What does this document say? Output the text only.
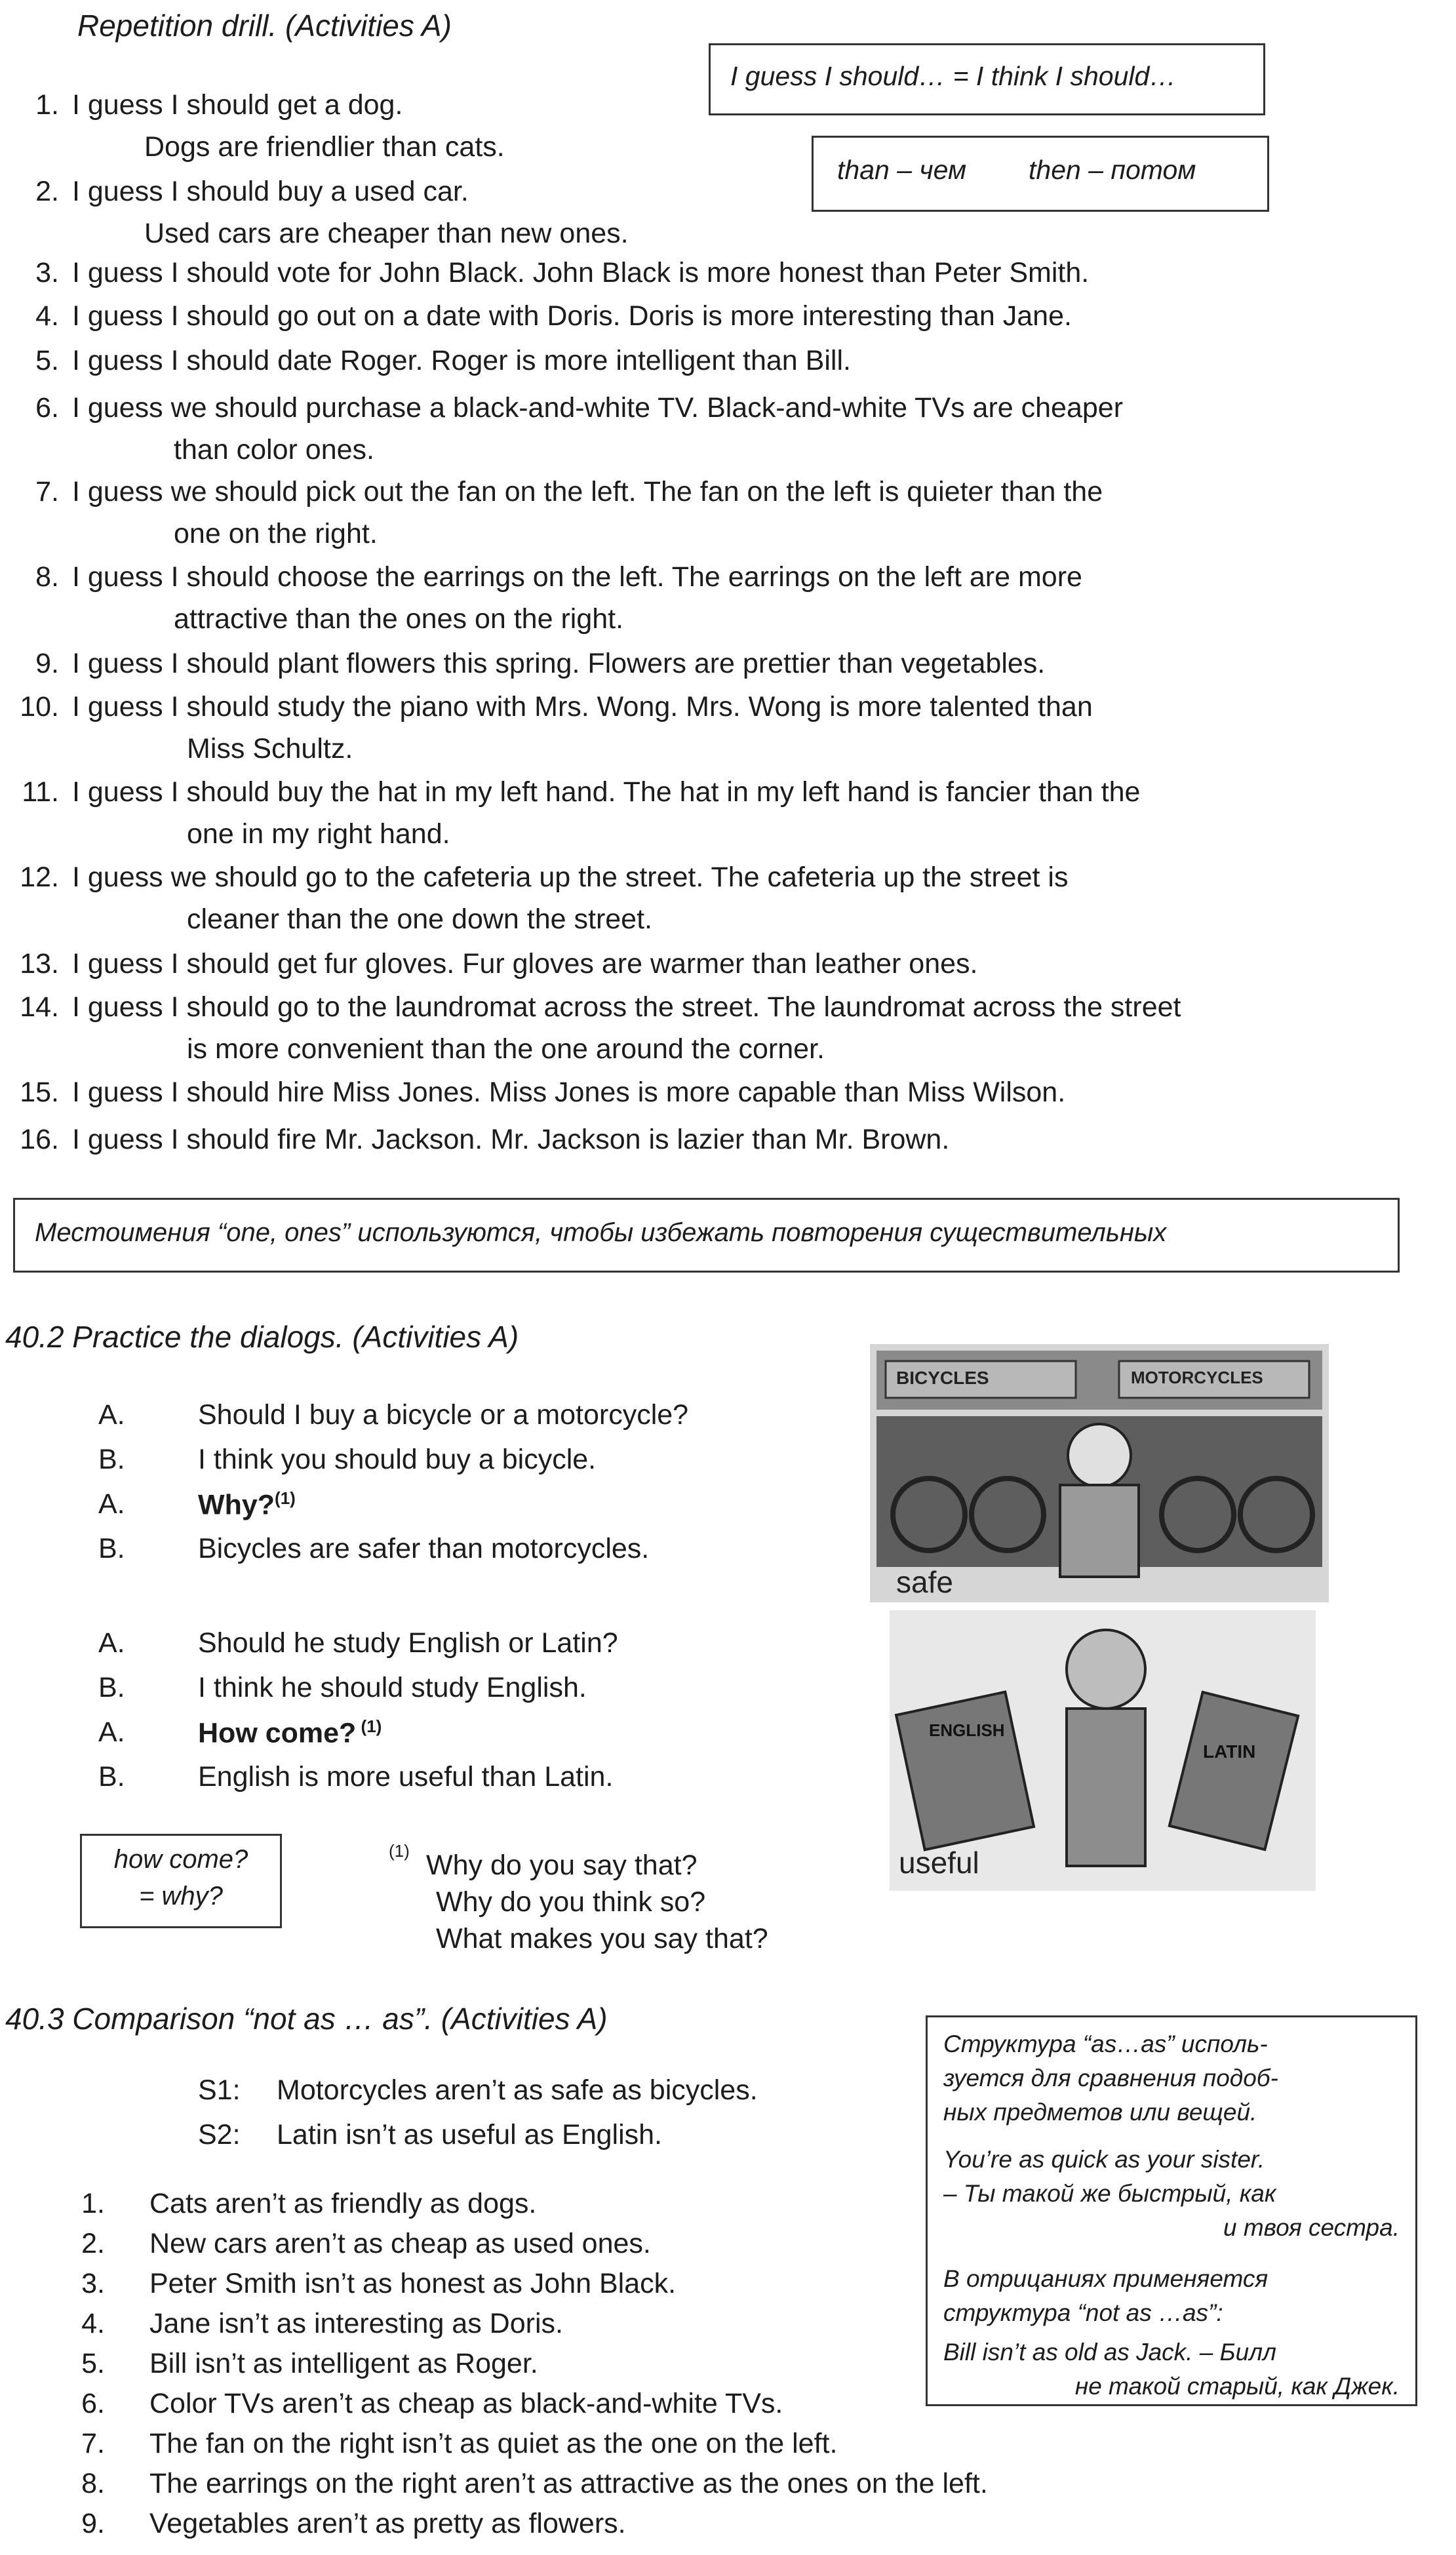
Repetition drill. (Activities A)
I guess I should… = I think I should…
than – чем then – потом
1. I guess I should get a dog.
Dogs are friendlier than cats.
2. I guess I should buy a used car.
Used cars are cheaper than new ones.
3. I guess I should vote for John Black. John Black is more honest than Peter Smith.
4. I guess I should go out on a date with Doris. Doris is more interesting than Jane.
5. I guess I should date Roger. Roger is more intelligent than Bill.
6. I guess we should purchase a black-and-white TV. Black-and-white TVs are cheaper
than color ones.
7. I guess we should pick out the fan on the left. The fan on the left is quieter than the
one on the right.
8. I guess I should choose the earrings on the left. The earrings on the left are more
attractive than the ones on the right.
9. I guess I should plant flowers this spring. Flowers are prettier than vegetables.
10. I guess I should study the piano with Mrs. Wong. Mrs. Wong is more talented than
Miss Schultz.
11. I guess I should buy the hat in my left hand. The hat in my left hand is fancier than the
one in my right hand.
12. I guess we should go to the cafeteria up the street. The cafeteria up the street is
cleaner than the one down the street.
13. I guess I should get fur gloves. Fur gloves are warmer than leather ones.
14. I guess I should go to the laundromat across the street. The laundromat across the street
is more convenient than the one around the corner.
15. I guess I should hire Miss Jones. Miss Jones is more capable than Miss Wilson.
16. I guess I should fire Mr. Jackson. Mr. Jackson is lazier than Mr. Brown.
Местоимения “one, ones” используются, чтобы избежать повторения существительных
40.2 Practice the dialogs. (Activities A)
A.	Should I buy a bicycle or a motorcycle?
B.	I think you should buy a bicycle.
A.	Why?$^{(1)}$
B.	Bicycles are safer than motorcycles.
A.	Should he study English or Latin?
B.	I think he should study English.
A.	How come? $^{(1)}$
B.	English is more useful than Latin.
BICYCLES	MOTORCYCLES
safe
ENGLISH
LATIN
useful
how come?
= why?
(1) Why do you say that?
Why do you think so?
What makes you say that?
40.3 Comparison “not as … as”. (Activities A)
S1: Motorcycles aren’t as safe as bicycles.
S2: Latin isn’t as useful as English.
1. Cats aren’t as friendly as dogs.
2. New cars aren’t as cheap as used ones.
3. Peter Smith isn’t as honest as John Black.
4. Jane isn’t as interesting as Doris.
5. Bill isn’t as intelligent as Roger.
6. Color TVs aren’t as cheap as black-and-white TVs.
7. The fan on the right isn’t as quiet as the one on the left.
8. The earrings on the right aren’t as attractive as the ones on the left.
9. Vegetables aren’t as pretty as flowers.
Структура “as…as” исполь-
зуется для сравнения подоб-
ных предметов или вещей.
You’re as quick as your sister.
– Ты такой же быстрый, как
и твоя сестра.
В отрицаниях применяется
структура “not as …as”:
Bill isn’t as old as Jack. – Билл
не такой старый, как Джек.
